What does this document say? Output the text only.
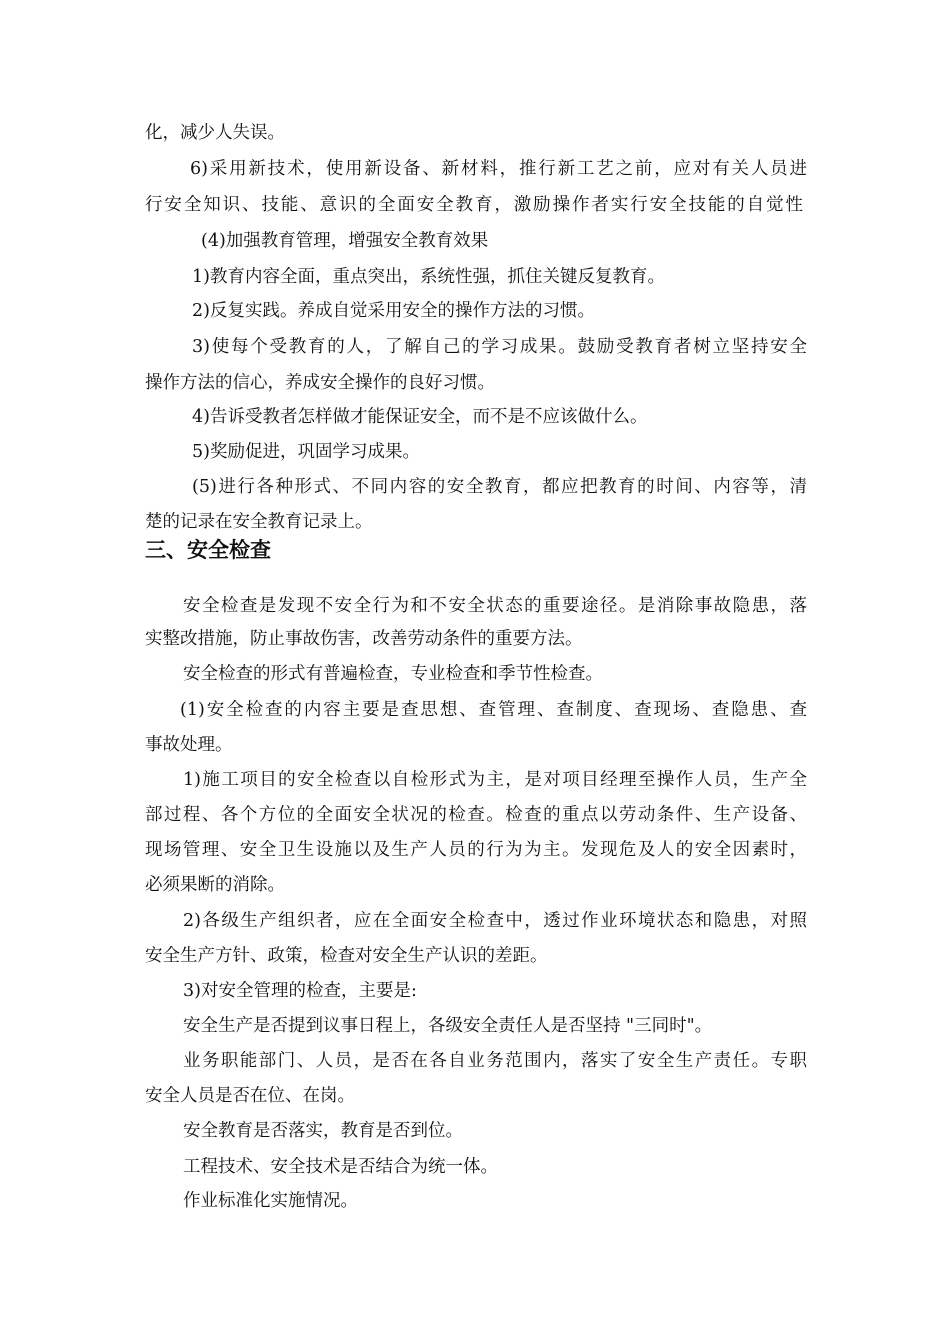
化，减少人失误。
6)采用新技术，使用新设备、新材料，推行新工艺之前，应对有关人员进
行安全知识、技能、意识的全面安全教育，激励操作者实行安全技能的自觉性
(4)加强教育管理，增强安全教育效果
1)教育内容全面，重点突出，系统性强，抓住关键反复教育。
2)反复实践。养成自觉采用安全的操作方法的习惯。
3)使每个受教育的人，了解自己的学习成果。鼓励受教育者树立坚持安全
操作方法的信心，养成安全操作的良好习惯。
4)告诉受教者怎样做才能保证安全，而不是不应该做什么。
5)奖励促进，巩固学习成果。
(5)进行各种形式、不同内容的安全教育，都应把教育的时间、内容等，清
楚的记录在安全教育记录上。
三、安全检查
安全检查是发现不安全行为和不安全状态的重要途径。是消除事故隐患，落
实整改措施，防止事故伤害，改善劳动条件的重要方法。
安全检查的形式有普遍检查，专业检查和季节性检查。
(1)安全检查的内容主要是查思想、查管理、查制度、查现场、查隐患、查
事故处理。
1)施工项目的安全检查以自检形式为主，是对项目经理至操作人员，生产全
部过程、各个方位的全面安全状况的检查。检查的重点以劳动条件、生产设备、
现场管理、安全卫生设施以及生产人员的行为为主。发现危及人的安全因素时，
必须果断的消除。
2)各级生产组织者，应在全面安全检查中，透过作业环境状态和隐患，对照
安全生产方针、政策，检查对安全生产认识的差距。
3)对安全管理的检查，主要是:
安全生产是否提到议事日程上，各级安全责任人是否坚持 "三同时"。
业务职能部门、人员，是否在各自业务范围内，落实了安全生产责任。专职
安全人员是否在位、在岗。
安全教育是否落实，教育是否到位。
工程技术、安全技术是否结合为统一体。
作业标准化实施情况。
